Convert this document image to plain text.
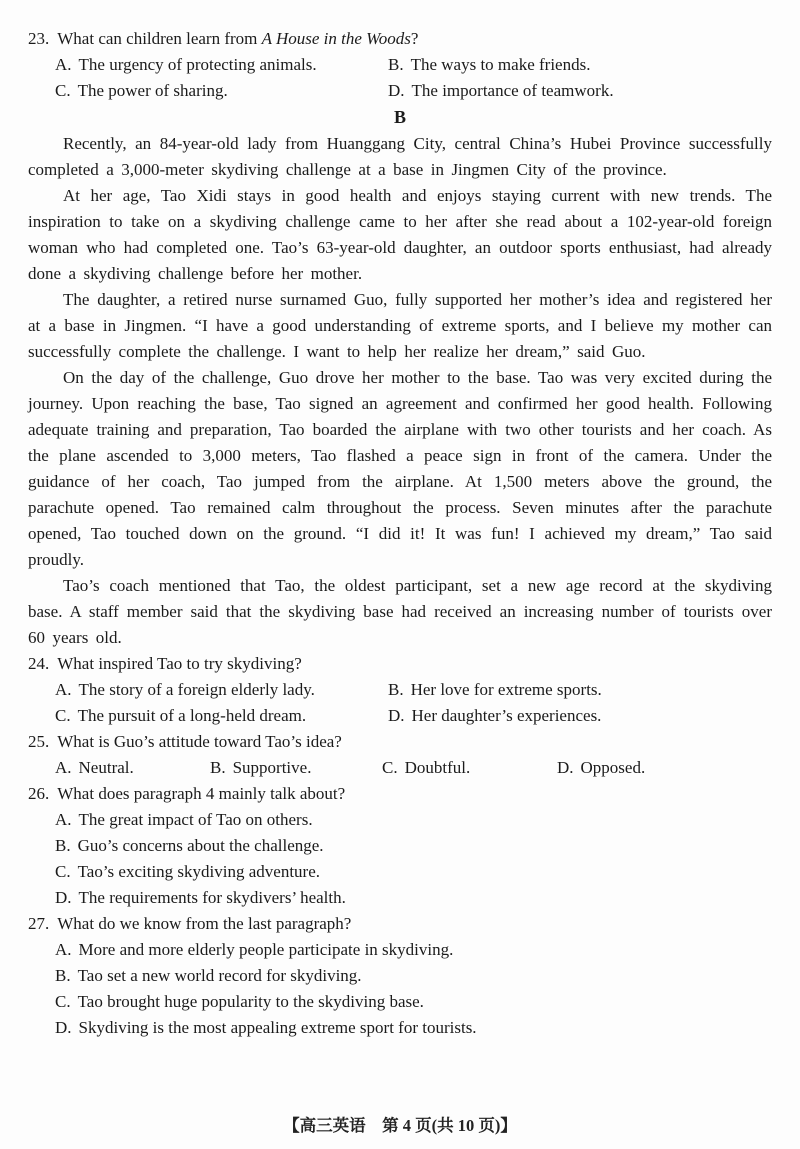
23. What can children learn from A House in the Woods?
A. The urgency of protecting animals.	B. The ways to make friends.
C. The power of sharing.	D. The importance of teamwork.
B

Recently, an 84-year-old lady from Huanggang City, central China’s Hubei Province successfully completed a 3,000-meter skydiving challenge at a base in Jingmen City of the province.

At her age, Tao Xidi stays in good health and enjoys staying current with new trends. The inspiration to take on a skydiving challenge came to her after she read about a 102-year-old foreign woman who had completed one. Tao’s 63-year-old daughter, an outdoor sports enthusiast, had already done a skydiving challenge before her mother.

The daughter, a retired nurse surnamed Guo, fully supported her mother’s idea and registered her at a base in Jingmen. “I have a good understanding of extreme sports, and I believe my mother can successfully complete the challenge. I want to help her realize her dream,” said Guo.

On the day of the challenge, Guo drove her mother to the base. Tao was very excited during the journey. Upon reaching the base, Tao signed an agreement and confirmed her good health. Following adequate training and preparation, Tao boarded the airplane with two other tourists and her coach. As the plane ascended to 3,000 meters, Tao flashed a peace sign in front of the camera. Under the guidance of her coach, Tao jumped from the airplane. At 1,500 meters above the ground, the parachute opened. Tao remained calm throughout the process. Seven minutes after the parachute opened, Tao touched down on the ground. “I did it! It was fun! I achieved my dream,” Tao said proudly.

Tao’s coach mentioned that Tao, the oldest participant, set a new age record at the skydiving base. A staff member said that the skydiving base had received an increasing number of tourists over 60 years old.

24. What inspired Tao to try skydiving?
A. The story of a foreign elderly lady.	B. Her love for extreme sports.
C. The pursuit of a long-held dream.	D. Her daughter’s experiences.
25. What is Guo’s attitude toward Tao’s idea?
A. Neutral.	B. Supportive.	C. Doubtful.	D. Opposed.
26. What does paragraph 4 mainly talk about?
A. The great impact of Tao on others.
B. Guo’s concerns about the challenge.
C. Tao’s exciting skydiving adventure.
D. The requirements for skydivers’ health.
27. What do we know from the last paragraph?
A. More and more elderly people participate in skydiving.
B. Tao set a new world record for skydiving.
C. Tao brought huge popularity to the skydiving base.
D. Skydiving is the most appealing extreme sport for tourists.
【高三英语　第 4 页(共 10 页)】
